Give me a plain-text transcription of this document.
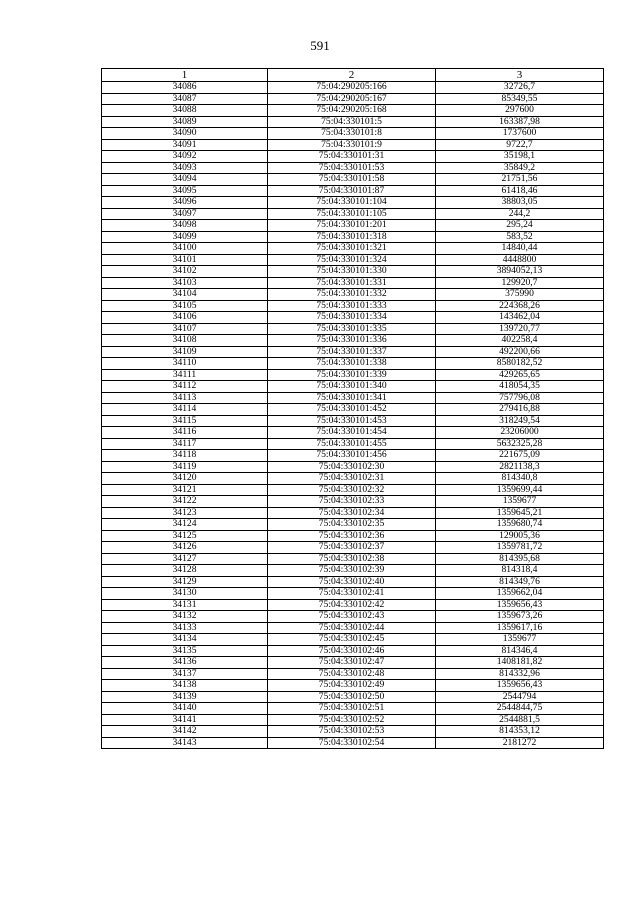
591
1	2	3
34086	75:04:290205:166	32726,7
34087	75:04:290205:167	85349,55
34088	75:04:290205:168	297600
34089	75:04:330101:5	163387,98
34090	75:04:330101:8	1737600
34091	75:04:330101:9	9722,7
34092	75:04:330101:31	35198,1
34093	75:04:330101:53	35849,2
34094	75:04:330101:58	21751,56
34095	75:04:330101:87	61418,46
34096	75:04:330101:104	38803,05
34097	75:04:330101:105	244,2
34098	75:04:330101:201	295,24
34099	75:04:330101:318	583,52
34100	75:04:330101:321	14840,44
34101	75:04:330101:324	4448800
34102	75:04:330101:330	3894052,13
34103	75:04:330101:331	129920,7
34104	75:04:330101:332	375990
34105	75:04:330101:333	224368,26
34106	75:04:330101:334	143462,04
34107	75:04:330101:335	139720,77
34108	75:04:330101:336	402258,4
34109	75:04:330101:337	492200,66
34110	75:04:330101:338	8580182,52
34111	75:04:330101:339	429265,65
34112	75:04:330101:340	418054,35
34113	75:04:330101:341	757796,08
34114	75:04:330101:452	279416,88
34115	75:04:330101:453	318249,54
34116	75:04:330101:454	23206000
34117	75:04:330101:455	5632325,28
34118	75:04:330101:456	221675,09
34119	75:04:330102:30	2821138,3
34120	75:04:330102:31	814340,8
34121	75:04:330102:32	1359699,44
34122	75:04:330102:33	1359677
34123	75:04:330102:34	1359645,21
34124	75:04:330102:35	1359680,74
34125	75:04:330102:36	129005,36
34126	75:04:330102:37	1359781,72
34127	75:04:330102:38	814395,68
34128	75:04:330102:39	814318,4
34129	75:04:330102:40	814349,76
34130	75:04:330102:41	1359662,04
34131	75:04:330102:42	1359656,43
34132	75:04:330102:43	1359673,26
34133	75:04:330102:44	1359617,16
34134	75:04:330102:45	1359677
34135	75:04:330102:46	814346,4
34136	75:04:330102:47	1408181,82
34137	75:04:330102:48	814332,96
34138	75:04:330102:49	1359656,43
34139	75:04:330102:50	2544794
34140	75:04:330102:51	2544844,75
34141	75:04:330102:52	2544881,5
34142	75:04:330102:53	814353,12
34143	75:04:330102:54	2181272
